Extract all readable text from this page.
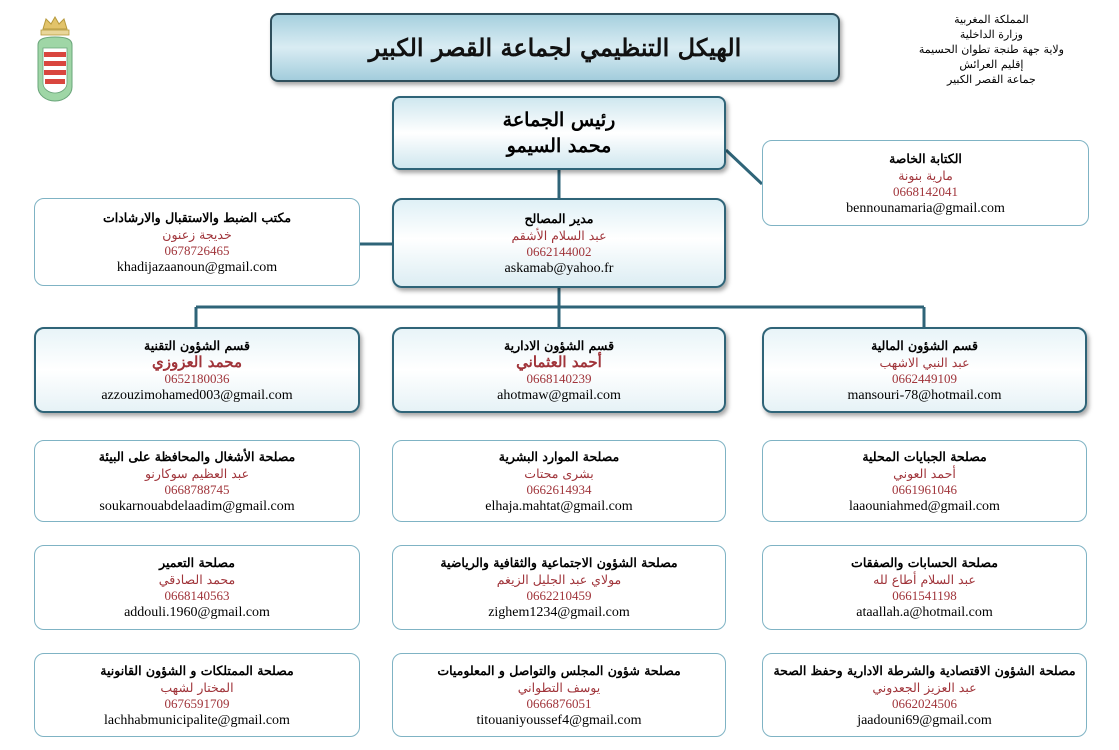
المملكة المغربية
وزارة الداخلية
ولاية جهة طنجة تطوان الحسيمة
إقليم العرائش
جماعة القصر الكبير
الهيكل التنظيمي لجماعة القصر الكبير
رئيس الجماعة
محمد السيمو
الكتابة الخاصة
مارية بنونة
0668142041
bennounamaria@gmail.com
مكتب الضبط والاستقبال والارشادات
خديجة زعنون
0678726465
khadijazaanoun@gmail.com
مدير المصالح
عبد السلام الأشقم
0662144002
askamab@yahoo.fr
قسم الشؤون التقنية
محمد العزوزي
0652180036
azzouzimohamed003@gmail.com
قسم الشؤون الادارية
أحمد العثماني
0668140239
ahotmaw@gmail.com
قسم الشؤون المالية
عبد النبي الاشهب
0662449109
mansouri-78@hotmail.com
مصلحة الأشغال والمحافظة على البيئة
عبد العظيم سوكارنو
0668788745
soukarnouabdelaadim@gmail.com
مصلحة الموارد البشرية
بشرى محتات
0662614934
elhaja.mahtat@gmail.com
مصلحة الجبايات المحلية
أحمد العوني
0661961046
laaouniahmed@gmail.com
مصلحة التعمير
محمد الصادقي
0668140563
addouli.1960@gmail.com
مصلحة الشؤون الاجتماعية والثقافية والرياضية
مولاي عبد الجليل الزيغم
0662210459
zighem1234@gmail.com
مصلحة الحسابات والصفقات
عبد السلام أطاع لله
0661541198
ataallah.a@hotmail.com
مصلحة الممتلكات و الشؤون القانونية
المختار لشهب
0676591709
lachhabmunicipalite@gmail.com
مصلحة شؤون المجلس والتواصل و المعلوميات
يوسف التطواني
0666876051
titouaniyoussef4@gmail.com
مصلحة الشؤون الاقتصادية والشرطة الادارية وحفظ الصحة
عبد العزيز الجعدوني
0662024506
jaadouni69@gmail.com
